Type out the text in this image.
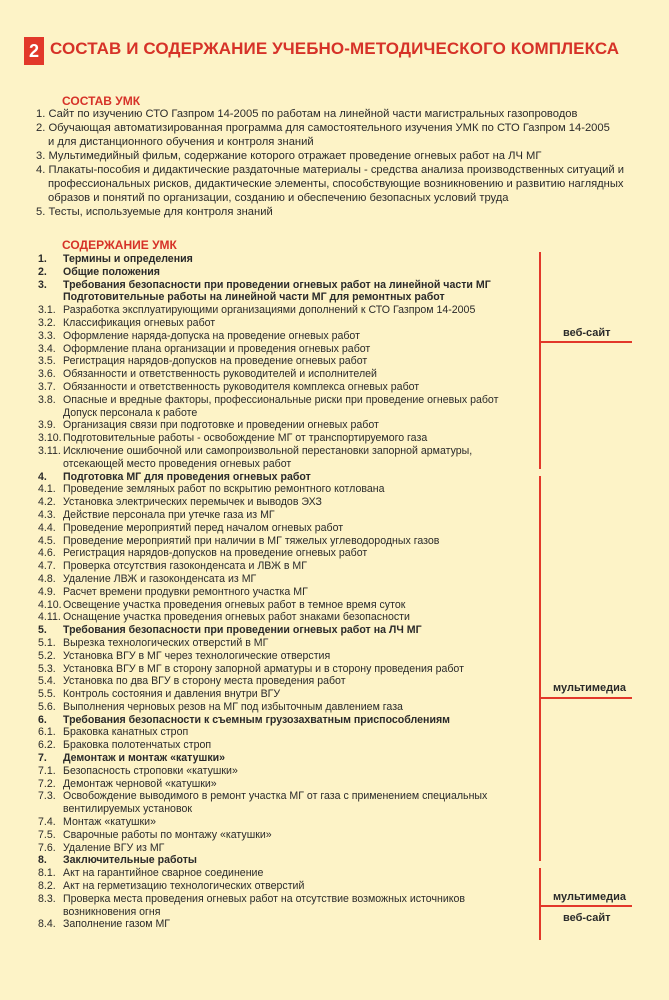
2 СОСТАВ И СОДЕРЖАНИЕ УЧЕБНО-МЕТОДИЧЕСКОГО КОМПЛЕКСА
СОСТАВ УМК
1. Сайт по изучению СТО Газпром 14-2005 по работам на линейной части магистральных газопроводов
2. Обучающая автоматизированная программа для самостоятельного изучения УМК по СТО Газпром 14-2005
и для дистанционного обучения и контроля знаний
3. Мультимедийный фильм, содержание которого отражает проведение огневых работ на ЛЧ МГ
4. Плакаты-пособия и дидактические раздаточные материалы - средства анализа производственных ситуаций и
профессиональных рисков, дидактические элементы, способствующие возникновению и развитию наглядных
образов и понятий по организации, созданию и обеспечению безопасных условий труда
5. Тесты, используемые для контроля знаний
СОДЕРЖАНИЕ УМК
1.	Термины и определения
2.	Общие положения
3.	Требования безопасности при проведении огневых работ на линейной части МГ
Подготовительные работы на линейной части МГ для ремонтных работ
3.1. Разработка эксплуатирующими организациями дополнений к СТО Газпром 14-2005
3.2. Классификация огневых работ
3.3. Оформление наряда-допуска на проведение огневых работ
3.4. Оформление плана организации и проведения огневых работ
3.5. Регистрация нарядов-допусков на проведение огневых работ
3.6. Обязанности и ответственность руководителей и исполнителей
3.7. Обязанности и ответственность руководителя комплекса огневых работ
3.8. Опасные и вредные факторы, профессиональные риски при проведение огневых работ
Допуск персонала к работе
3.9. Организация связи при подготовке и проведении огневых работ
3.10. Подготовительные работы - освобождение МГ от транспортируемого газа
3.11. Исключение ошибочной или самопроизвольной перестановки запорной арматуры,
отсекающей место проведения огневых работ
4.	Подготовка МГ для проведения огневых работ
4.1. Проведение земляных работ по вскрытию ремонтного котлована
4.2. Установка электрических перемычек и выводов ЭХЗ
4.3. Действие персонала при утечке газа из МГ
4.4. Проведение мероприятий перед началом огневых работ
4.5. Проведение мероприятий при наличии в МГ тяжелых углеводородных газов
4.6. Регистрация нарядов-допусков на проведение огневых работ
4.7. Проверка отсутствия газоконденсата и ЛВЖ в МГ
4.8. Удаление ЛВЖ и газоконденсата из МГ
4.9. Расчет времени продувки ремонтного участка МГ
4.10. Освещение участка проведения огневых работ в темное время суток
4.11. Оснащение участка проведения огневых работ знаками безопасности
5.	Требования безопасности при проведении огневых работ на ЛЧ МГ
5.1. Вырезка технологических отверстий в МГ
5.2. Установка ВГУ в МГ через технологические отверстия
5.3. Установка ВГУ в МГ в сторону запорной арматуры и в сторону проведения работ
5.4. Установка по два ВГУ в сторону места проведения работ
5.5. Контроль состояния и давления внутри ВГУ
5.6. Выполнения черновых резов на МГ под избыточным давлением газа
6.	Требования безопасности к съемным грузозахватным приспособлениям
6.1. Браковка канатных строп
6.2. Браковка полотенчатых строп
7.	Демонтаж и монтаж «катушки»
7.1. Безопасность строповки «катушки»
7.2. Демонтаж черновой «катушки»
7.3. Освобождение выводимого в ремонт участка МГ от газа с применением специальных
вентилируемых установок
7.4. Монтаж «катушки»
7.5. Сварочные работы по монтажу «катушки»
7.6. Удаление ВГУ из МГ
8.	Заключительные работы
8.1. Акт на гарантийное сварное соединение
8.2. Акт на герметизацию технологических отверстий
8.3. Проверка места проведения огневых работ на отсутствие возможных источников
возникновения огня
8.4. Заполнение газом МГ
веб-сайт
мультимедиа
мультимедиа
веб-сайт
